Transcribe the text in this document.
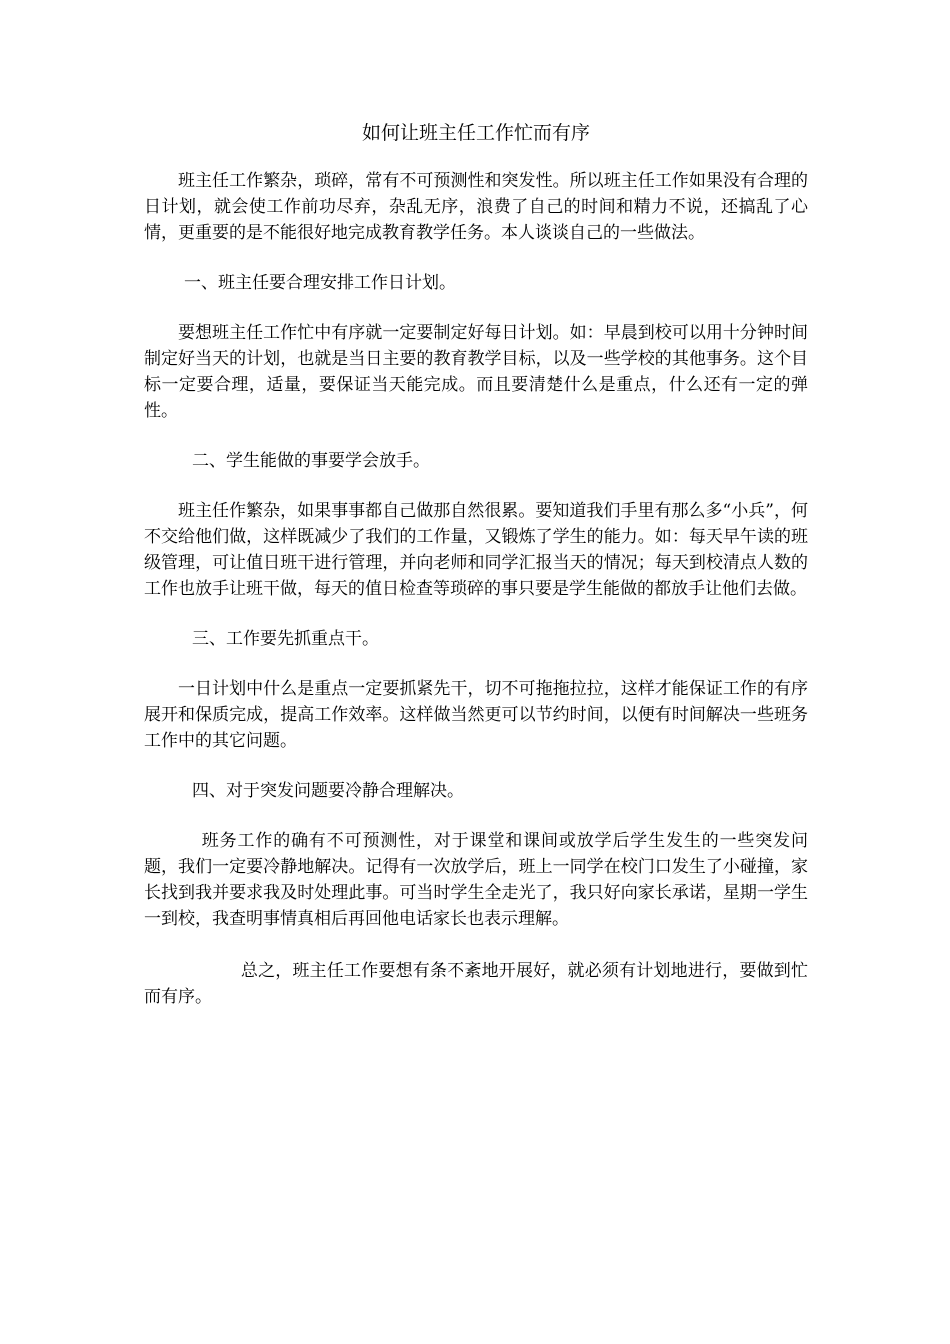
如何让班主任工作忙而有序

班主任工作繁杂，琐碎，常有不可预测性和突发性。所以班主任工作如果没有合理的日计划，就会使工作前功尽弃，杂乱无序，浪费了自己的时间和精力不说，还搞乱了心情，更重要的是不能很好地完成教育教学任务。本人谈谈自己的一些做法。

一、班主任要合理安排工作日计划。

要想班主任工作忙中有序就一定要制定好每日计划。如：早晨到校可以用十分钟时间制定好当天的计划，也就是当日主要的教育教学目标，以及一些学校的其他事务。这个目标一定要合理，适量，要保证当天能完成。而且要清楚什么是重点，什么还有一定的弹性。

二、学生能做的事要学会放手。

班主任作繁杂，如果事事都自己做那自然很累。要知道我们手里有那么多“小兵”，何不交给他们做，这样既减少了我们的工作量，又锻炼了学生的能力。如：每天早午读的班级管理，可让值日班干进行管理，并向老师和同学汇报当天的情况；每天到校清点人数的工作也放手让班干做，每天的值日检查等琐碎的事只要是学生能做的都放手让他们去做。

三、工作要先抓重点干。

一日计划中什么是重点一定要抓紧先干，切不可拖拖拉拉，这样才能保证工作的有序展开和保质完成，提高工作效率。这样做当然更可以节约时间，以便有时间解决一些班务工作中的其它问题。

四、对于突发问题要冷静合理解决。

班务工作的确有不可预测性，对于课堂和课间或放学后学生发生的一些突发问题，我们一定要冷静地解决。记得有一次放学后，班上一同学在校门口发生了小碰撞，家长找到我并要求我及时处理此事。可当时学生全走光了，我只好向家长承诺，星期一学生一到校，我查明事情真相后再回他电话家长也表示理解。

总之，班主任工作要想有条不紊地开展好，就必须有计划地进行，要做到忙而有序。
